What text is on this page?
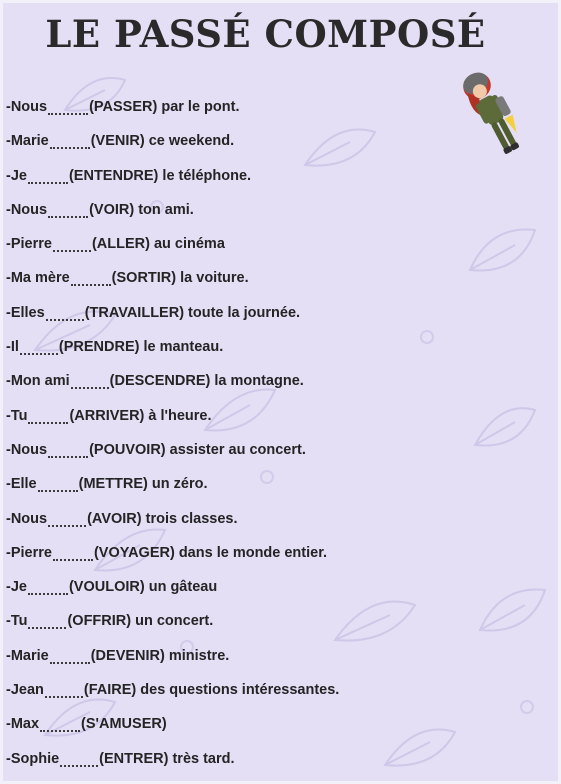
LE PASSÉ COMPOSÉ
-Nous	(PASSER) par le pont.
-Marie	(VENIR) ce weekend.
-Je	(ENTENDRE) le téléphone.
-Nous	(VOIR) ton ami.
-Pierre	(ALLER) au cinéma
-Ma mère	(SORTIR) la voiture.
-Elles	(TRAVAILLER) toute la journée.
-Il	(PRENDRE) le manteau.
-Mon ami	(DESCENDRE) la montagne.
-Tu	(ARRIVER) à l'heure.
-Nous	(POUVOIR) assister au concert.
-Elle	(METTRE) un zéro.
-Nous	(AVOIR) trois classes.
-Pierre	(VOYAGER) dans le monde entier.
-Je	(VOULOIR) un gâteau
-Tu	(OFFRIR) un concert.
-Marie	(DEVENIR) ministre.
-Jean	(FAIRE) des questions intéressantes.
-Max	(S'AMUSER)
-Sophie	(ENTRER) très tard.
